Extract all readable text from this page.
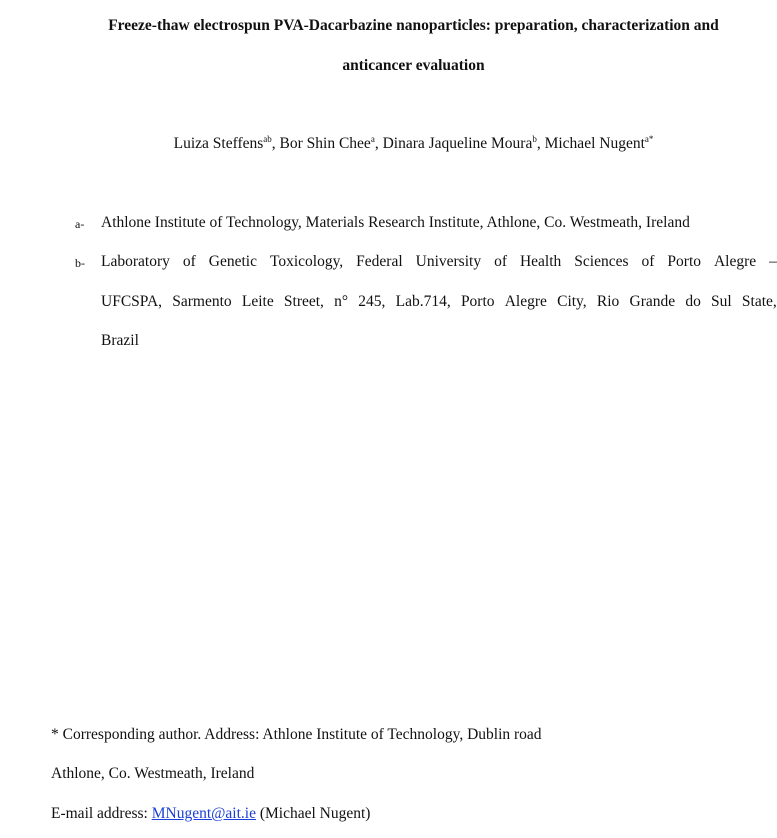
Freeze-thaw electrospun PVA-Dacarbazine nanoparticles: preparation, characterization and
anticancer evaluation
Luiza Steffens$^{ab}$, Bor Shin Chee$^a$, Dinara Jaqueline Moura$^b$, Michael Nugent$^{a*}$
a- Athlone Institute of Technology, Materials Research Institute, Athlone, Co. Westmeath, Ireland
b- Laboratory of Genetic Toxicology, Federal University of Health Sciences of Porto Alegre –
UFCSPA, Sarmento Leite Street, n° 245, Lab.714, Porto Alegre City, Rio Grande do Sul State,
Brazil
* Corresponding author. Address: Athlone Institute of Technology, Dublin road
Athlone, Co. Westmeath, Ireland
E-mail address: MNugent@ait.ie (Michael Nugent)
